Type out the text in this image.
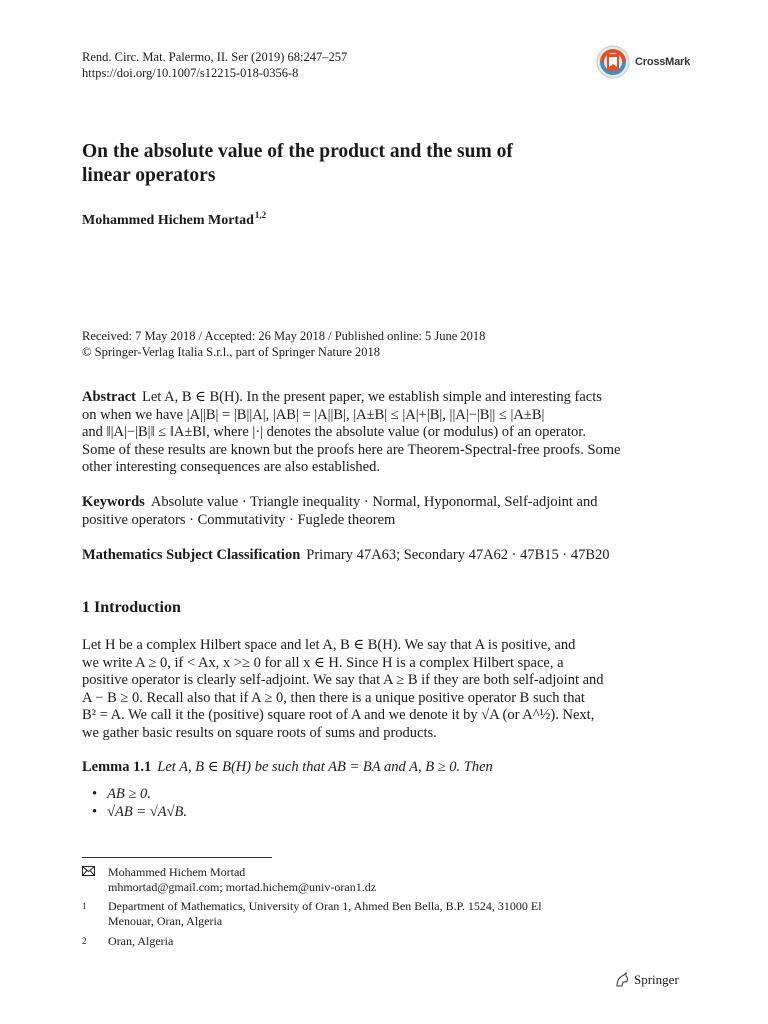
Rend. Circ. Mat. Palermo, II. Ser (2019) 68:247–257
https://doi.org/10.1007/s12215-018-0356-8
CrossMark
On the absolute value of the product and the sum of
linear operators
Mohammed Hichem Mortad$^{1,2}$
Received: 7 May 2018 / Accepted: 26 May 2018 / Published online: 5 June 2018
© Springer-Verlag Italia S.r.l., part of Springer Nature 2018
Abstract Let A, B ∈ B(H). In the present paper, we establish simple and interesting facts
on when we have |A||B| = |B||A|, |AB| = |A||B|, |A±B| ≤ |A|+|B|, ||A|−|B|| ≤ |A±B|
and ‖|A|−|B|‖ ≤ ‖A±B‖, where |·| denotes the absolute value (or modulus) of an operator.
Some of these results are known but the proofs here are Theorem-Spectral-free proofs. Some
other interesting consequences are also established.
Keywords Absolute value · Triangle inequality · Normal, Hyponormal, Self-adjoint and
positive operators · Commutativity · Fuglede theorem
Mathematics Subject Classification Primary 47A63; Secondary 47A62 · 47B15 · 47B20
1 Introduction
Let H be a complex Hilbert space and let A, B ∈ B(H). We say that A is positive, and
we write A ≥ 0, if < Ax, x >≥ 0 for all x ∈ H. Since H is a complex Hilbert space, a
positive operator is clearly self-adjoint. We say that A ≥ B if they are both self-adjoint and
A − B ≥ 0. Recall also that if A ≥ 0, then there is a unique positive operator B such that
B² = A. We call it the (positive) square root of A and we denote it by √A (or A^½). Next,
we gather basic results on square roots of sums and products.
Lemma 1.1 Let A, B ∈ B(H) be such that AB = BA and A, B ≥ 0. Then
• AB ≥ 0.
• √AB = √A√B.
Mohammed Hichem Mortad
mhmortad@gmail.com; mortad.hichem@univ-oran1.dz
1 Department of Mathematics, University of Oran 1, Ahmed Ben Bella, B.P. 1524, 31000 El
Menouar, Oran, Algeria
2 Oran, Algeria
Springer
